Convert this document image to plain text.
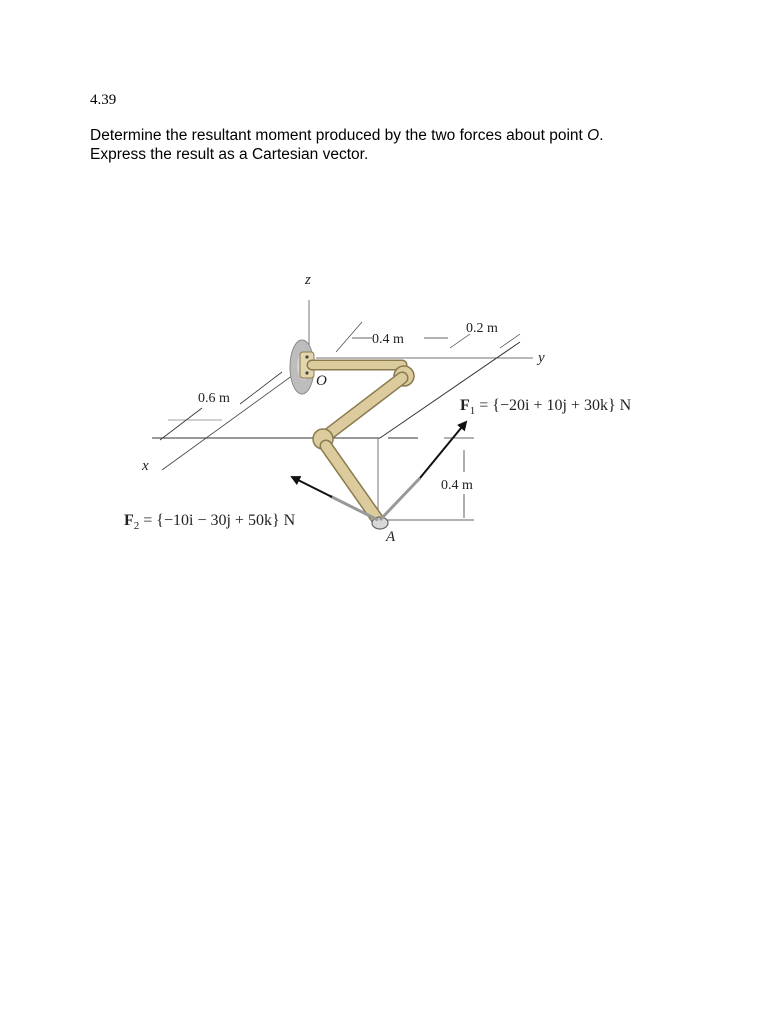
4.39
Determine the resultant moment produced by the two forces about point O.
Express the result as a Cartesian vector.
z
y
x
0.4 m
0.2 m
0.6 m
0.4 m
O
A
$F_1 = \{-20i + 10j + 30k\}$ N
$F_2 = \{-10i - 30j + 50k\}$ N
